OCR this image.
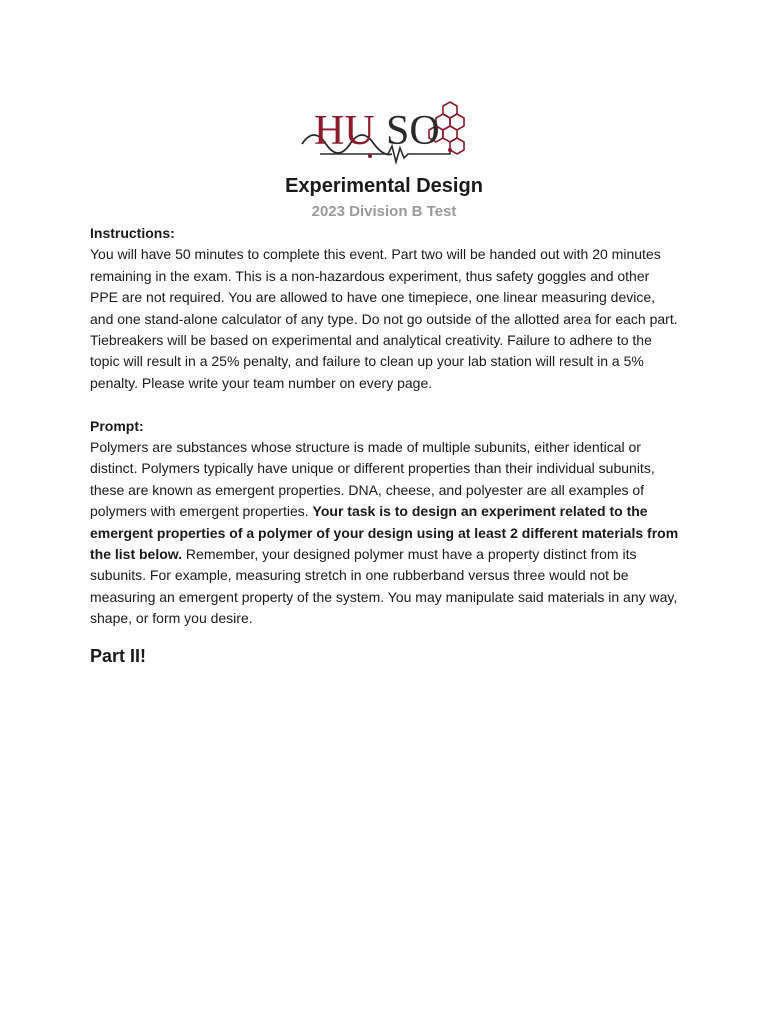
HU SO
Experimental Design
2023 Division B Test

Instructions:

You will have 50 minutes to complete this event. Part two will be handed out with 20 minutes remaining in the exam. This is a non-hazardous experiment, thus safety goggles and other PPE are not required. You are allowed to have one timepiece, one linear measuring device, and one stand-alone calculator of any type. Do not go outside of the allotted area for each part. Tiebreakers will be based on experimental and analytical creativity. Failure to adhere to the topic will result in a 25% penalty, and failure to clean up your lab station will result in a 5% penalty. Please write your team number on every page.

Prompt:

Polymers are substances whose structure is made of multiple subunits, either identical or distinct. Polymers typically have unique or different properties than their individual subunits, these are known as emergent properties. DNA, cheese, and polyester are all examples of polymers with emergent properties. Your task is to design an experiment related to the emergent properties of a polymer of your design using at least 2 different materials from the list below. Remember, your designed polymer must have a property distinct from its subunits. For example, measuring stretch in one rubberband versus three would not be measuring an emergent property of the system. You may manipulate said materials in any way, shape, or form you desire.

Part II!
